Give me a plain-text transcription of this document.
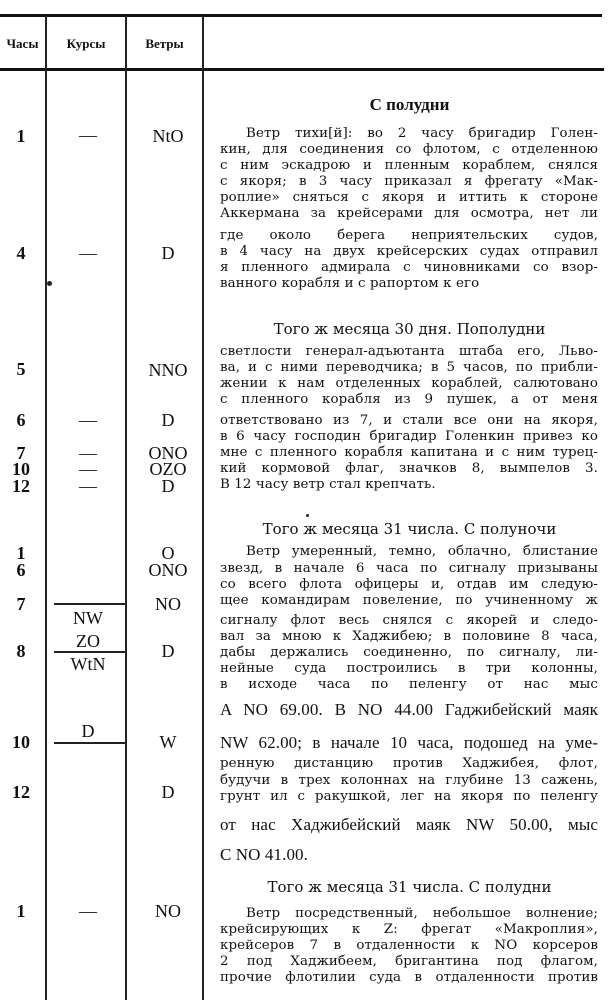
Часы	Курсы	Ветры
1
4
5
6
7
10
12
1
6
7
8
10
12
1
—
—
—
—
—
—
NW
ZO
WtN
D
—
NtO
D
NNO
D
ONO
OZO
D
O
ONO
NO
D
W
D
NO
С полудни
Ветр тихи[й]: во 2 часу бригадир Голен-
кин, для соединения со флотом, с отделенною
с ним эскадрою и пленным кораблем, снялся
с якоря; в 3 часу приказал я фрегату «Мак-
роплие» сняться с якоря и иттить к стороне
Аккермана за крейсерами для осмотра, нет ли
где около берега неприятельских судов,
в 4 часу на двух крейсерских судах отправил
я пленного адмирала с чиновниками со взор-
ванного корабля и с рапортом к его
Того ж месяца 30 дня. Пополудни
светлости генерал-адъютанта штаба его, Льво-
ва, и с ними переводчика; в 5 часов, по прибли-
жении к нам отделенных кораблей, салютовано
с пленного корабля из 9 пушек, а от меня
ответствовано из 7, и стали все они на якоря,
в 6 часу господин бригадир Голенкин привез ко
мне с пленного корабля капитана и с ним турец-
кий кормовой флаг, значков 8, вымпелов 3.
В 12 часу ветр стал крепчать.
Того ж месяца 31 числа. С полуночи
Ветр умеренный, темно, облачно, блистание
звезд, в начале 6 часа по сигналу призываны
со всего флота офицеры и, отдав им следую-
щее командирам повеление, по учиненному ж
сигналу флот весь снялся с якорей и следо-
вал за мною к Хаджибею; в половине 8 часа,
дабы держались соединенно, по сигналу, ли-
нейные суда построились в три колонны,
в исходе часа по пеленгу от нас мыс
A NO 69.00. B NO 44.00 Гаджибейский маяк
NW 62.00; в начале 10 часа, подошед на уме-
ренную дистанцию против Хаджибея, флот,
будучи в трех колоннах на глубине 13 сажень,
грунт ил с ракушкой, лег на якоря по пеленгу
от нас Хаджибейский маяк NW 50.00, мыс
C NO 41.00.
Того ж месяца 31 числа. С полудни
Ветр посредственный, небольшое волнение;
крейсирующих к Z: фрегат «Макроплия»,
крейсеров 7 в отдаленности к NO корсеров
2 под Хаджибеем, бригантина под флагом,
прочие флотилии суда в отдаленности против
